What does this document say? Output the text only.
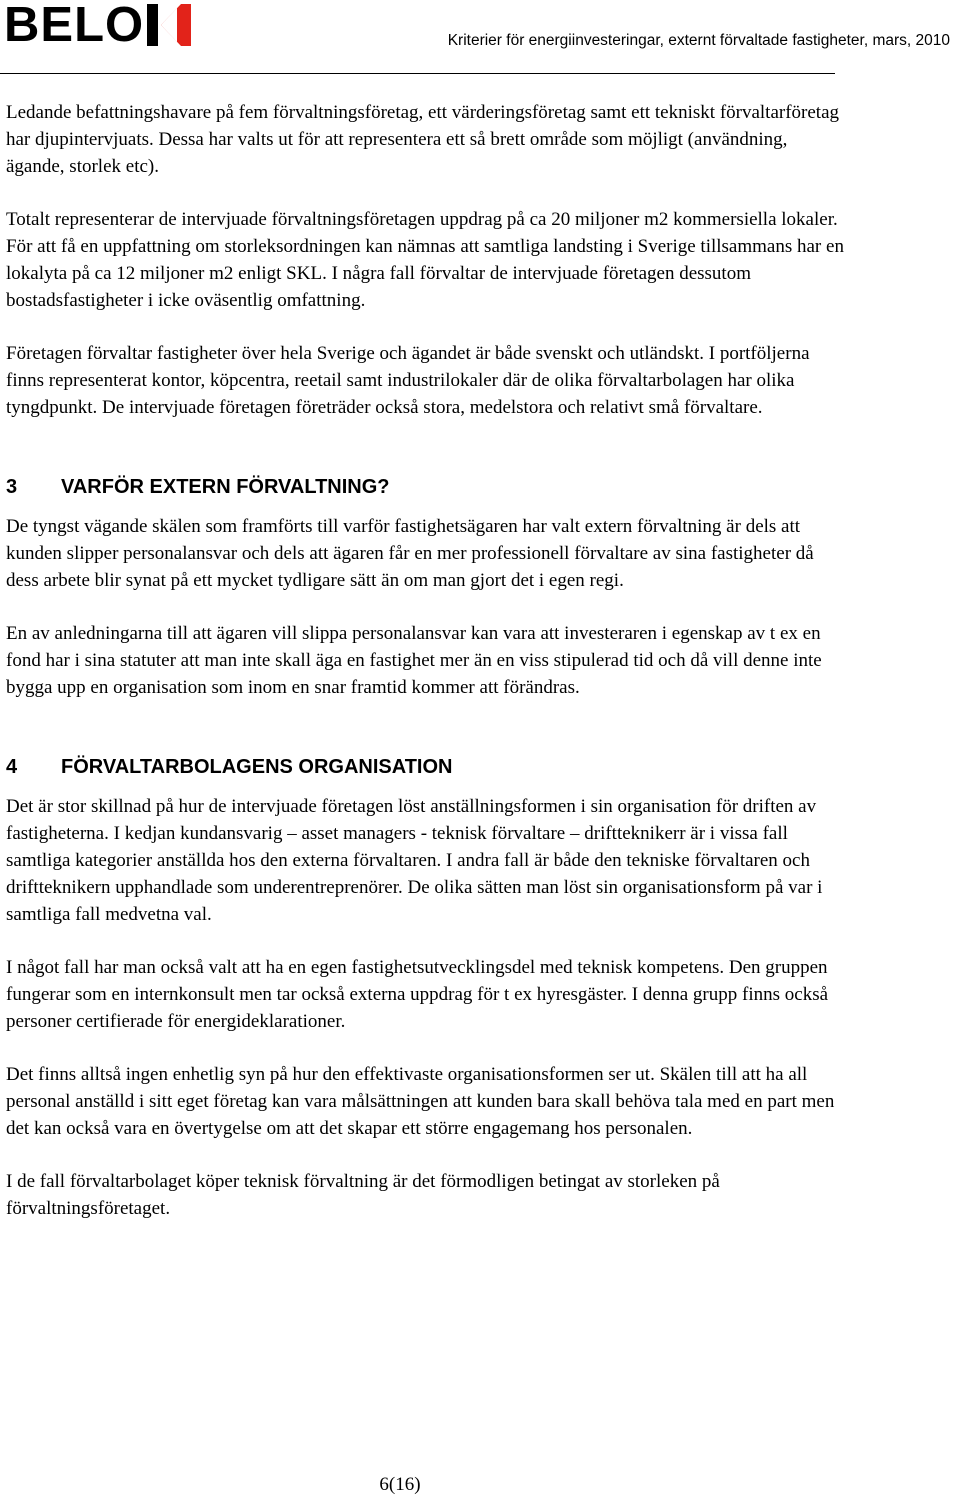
BELO	Kriterier för energiinvesteringar, externt förvaltade fastigheter, mars, 2010

Ledande befattningshavare på fem förvaltningsföretag, ett värderingsföretag samt ett tekniskt förvaltarföretag har djupintervjuats. Dessa har valts ut för att representera ett så brett område som möjligt (användning, ägande, storlek etc).

Totalt representerar de intervjuade förvaltningsföretagen uppdrag på ca 20 miljoner m2 kommersiella lokaler. För att få en uppfattning om storleksordningen kan nämnas att samtliga landsting i Sverige tillsammans har en lokalyta på ca 12 miljoner m2 enligt SKL. I några fall förvaltar de intervjuade företagen dessutom bostadsfastigheter i icke oväsentlig omfattning.

Företagen förvaltar fastigheter över hela Sverige och ägandet är både svenskt och utländskt. I portföljerna finns representerat kontor, köpcentra, reetail samt industrilokaler där de olika förvaltarbolagen har olika tyngdpunkt. De intervjuade företagen företräder också stora, medelstora och relativt små förvaltare.

3	VARFÖR EXTERN FÖRVALTNING?

De tyngst vägande skälen som framförts till varför fastighetsägaren har valt extern förvaltning är dels att kunden slipper personalansvar och dels att ägaren får en mer professionell förvaltare av sina fastigheter då dess arbete blir synat på ett mycket tydligare sätt än om man gjort det i egen regi.

En av anledningarna till att ägaren vill slippa personalansvar kan vara att investeraren i egenskap av t ex en fond har i sina statuter att man inte skall äga en fastighet mer än en viss stipulerad tid och då vill denne inte bygga upp en organisation som inom en snar framtid kommer att förändras.

4	FÖRVALTARBOLAGENS ORGANISATION

Det är stor skillnad på hur de intervjuade företagen löst anställningsformen i sin organisation för driften av fastigheterna. I kedjan kundansvarig – asset managers - teknisk förvaltare – driftteknikerr är i vissa fall samtliga kategorier anställda hos den externa förvaltaren. I andra fall är både den tekniske förvaltaren och driftteknikern upphandlade som underentreprenörer. De olika sätten man löst sin organisationsform på var i samtliga fall medvetna val.

I något fall har man också valt att ha en egen fastighetsutvecklingsdel med teknisk kompetens. Den gruppen fungerar som en internkonsult men tar också externa uppdrag för t ex hyresgäster. I denna grupp finns också personer certifierade för energideklarationer.

Det finns alltså ingen enhetlig syn på hur den effektivaste organisationsformen ser ut. Skälen till att ha all personal anställd i sitt eget företag kan vara målsättningen att kunden bara skall behöva tala med en part men det kan också vara en övertygelse om att det skapar ett större engagemang hos personalen.

I de fall förvaltarbolaget köper teknisk förvaltning är det förmodligen betingat av storleken på förvaltningsföretaget.

6(16)
